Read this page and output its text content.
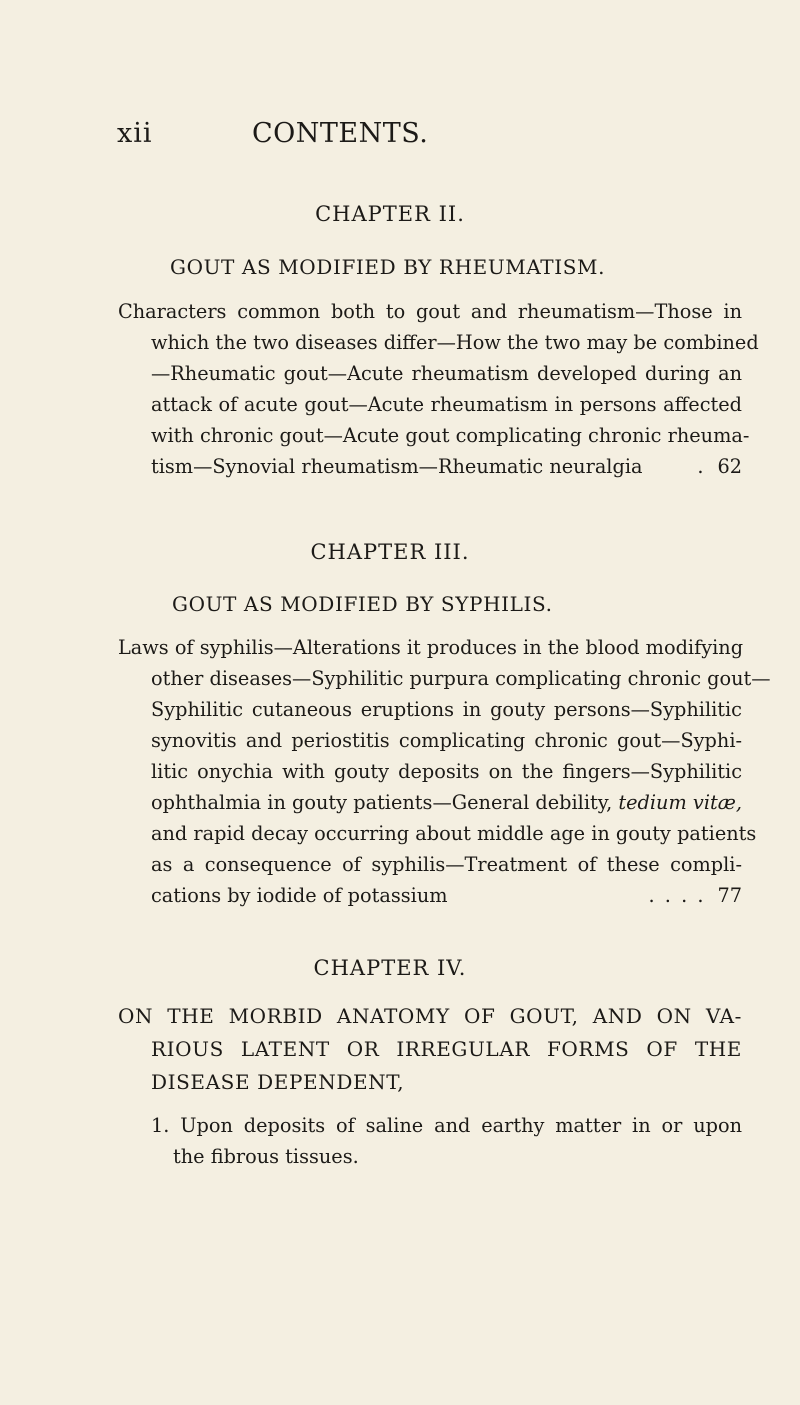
xii	CONTENTS.
CHAPTER II.
GOUT AS MODIFIED BY RHEUMATISM.
Characters common both to gout and rheumatism—Those in
which the two diseases differ—How the two may be combined
—Rheumatic gout—Acute rheumatism developed during an
attack of acute gout—Acute rheumatism in persons affected
with chronic gout—Acute gout complicating chronic rheuma-
tism—Synovial rheumatism—Rheumatic neuralgia	. 62
CHAPTER III.
GOUT AS MODIFIED BY SYPHILIS.
Laws of syphilis—Alterations it produces in the blood modifying
other diseases—Syphilitic purpura complicating chronic gout—
Syphilitic cutaneous eruptions in gouty persons—Syphilitic
synovitis and periostitis complicating chronic gout—Syphi-
litic onychia with gouty deposits on the fingers—Syphilitic
ophthalmia in gouty patients—General debility, tedium vitæ,
and rapid decay occurring about middle age in gouty patients
as a consequence of syphilis—Treatment of these compli-
cations by iodide of potassium	. . . . 77
CHAPTER IV.
ON THE MORBID ANATOMY OF GOUT, AND ON VA-
RIOUS LATENT OR IRREGULAR FORMS OF THE
DISEASE DEPENDENT,
1. Upon deposits of saline and earthy matter in or upon
the fibrous tissues.
